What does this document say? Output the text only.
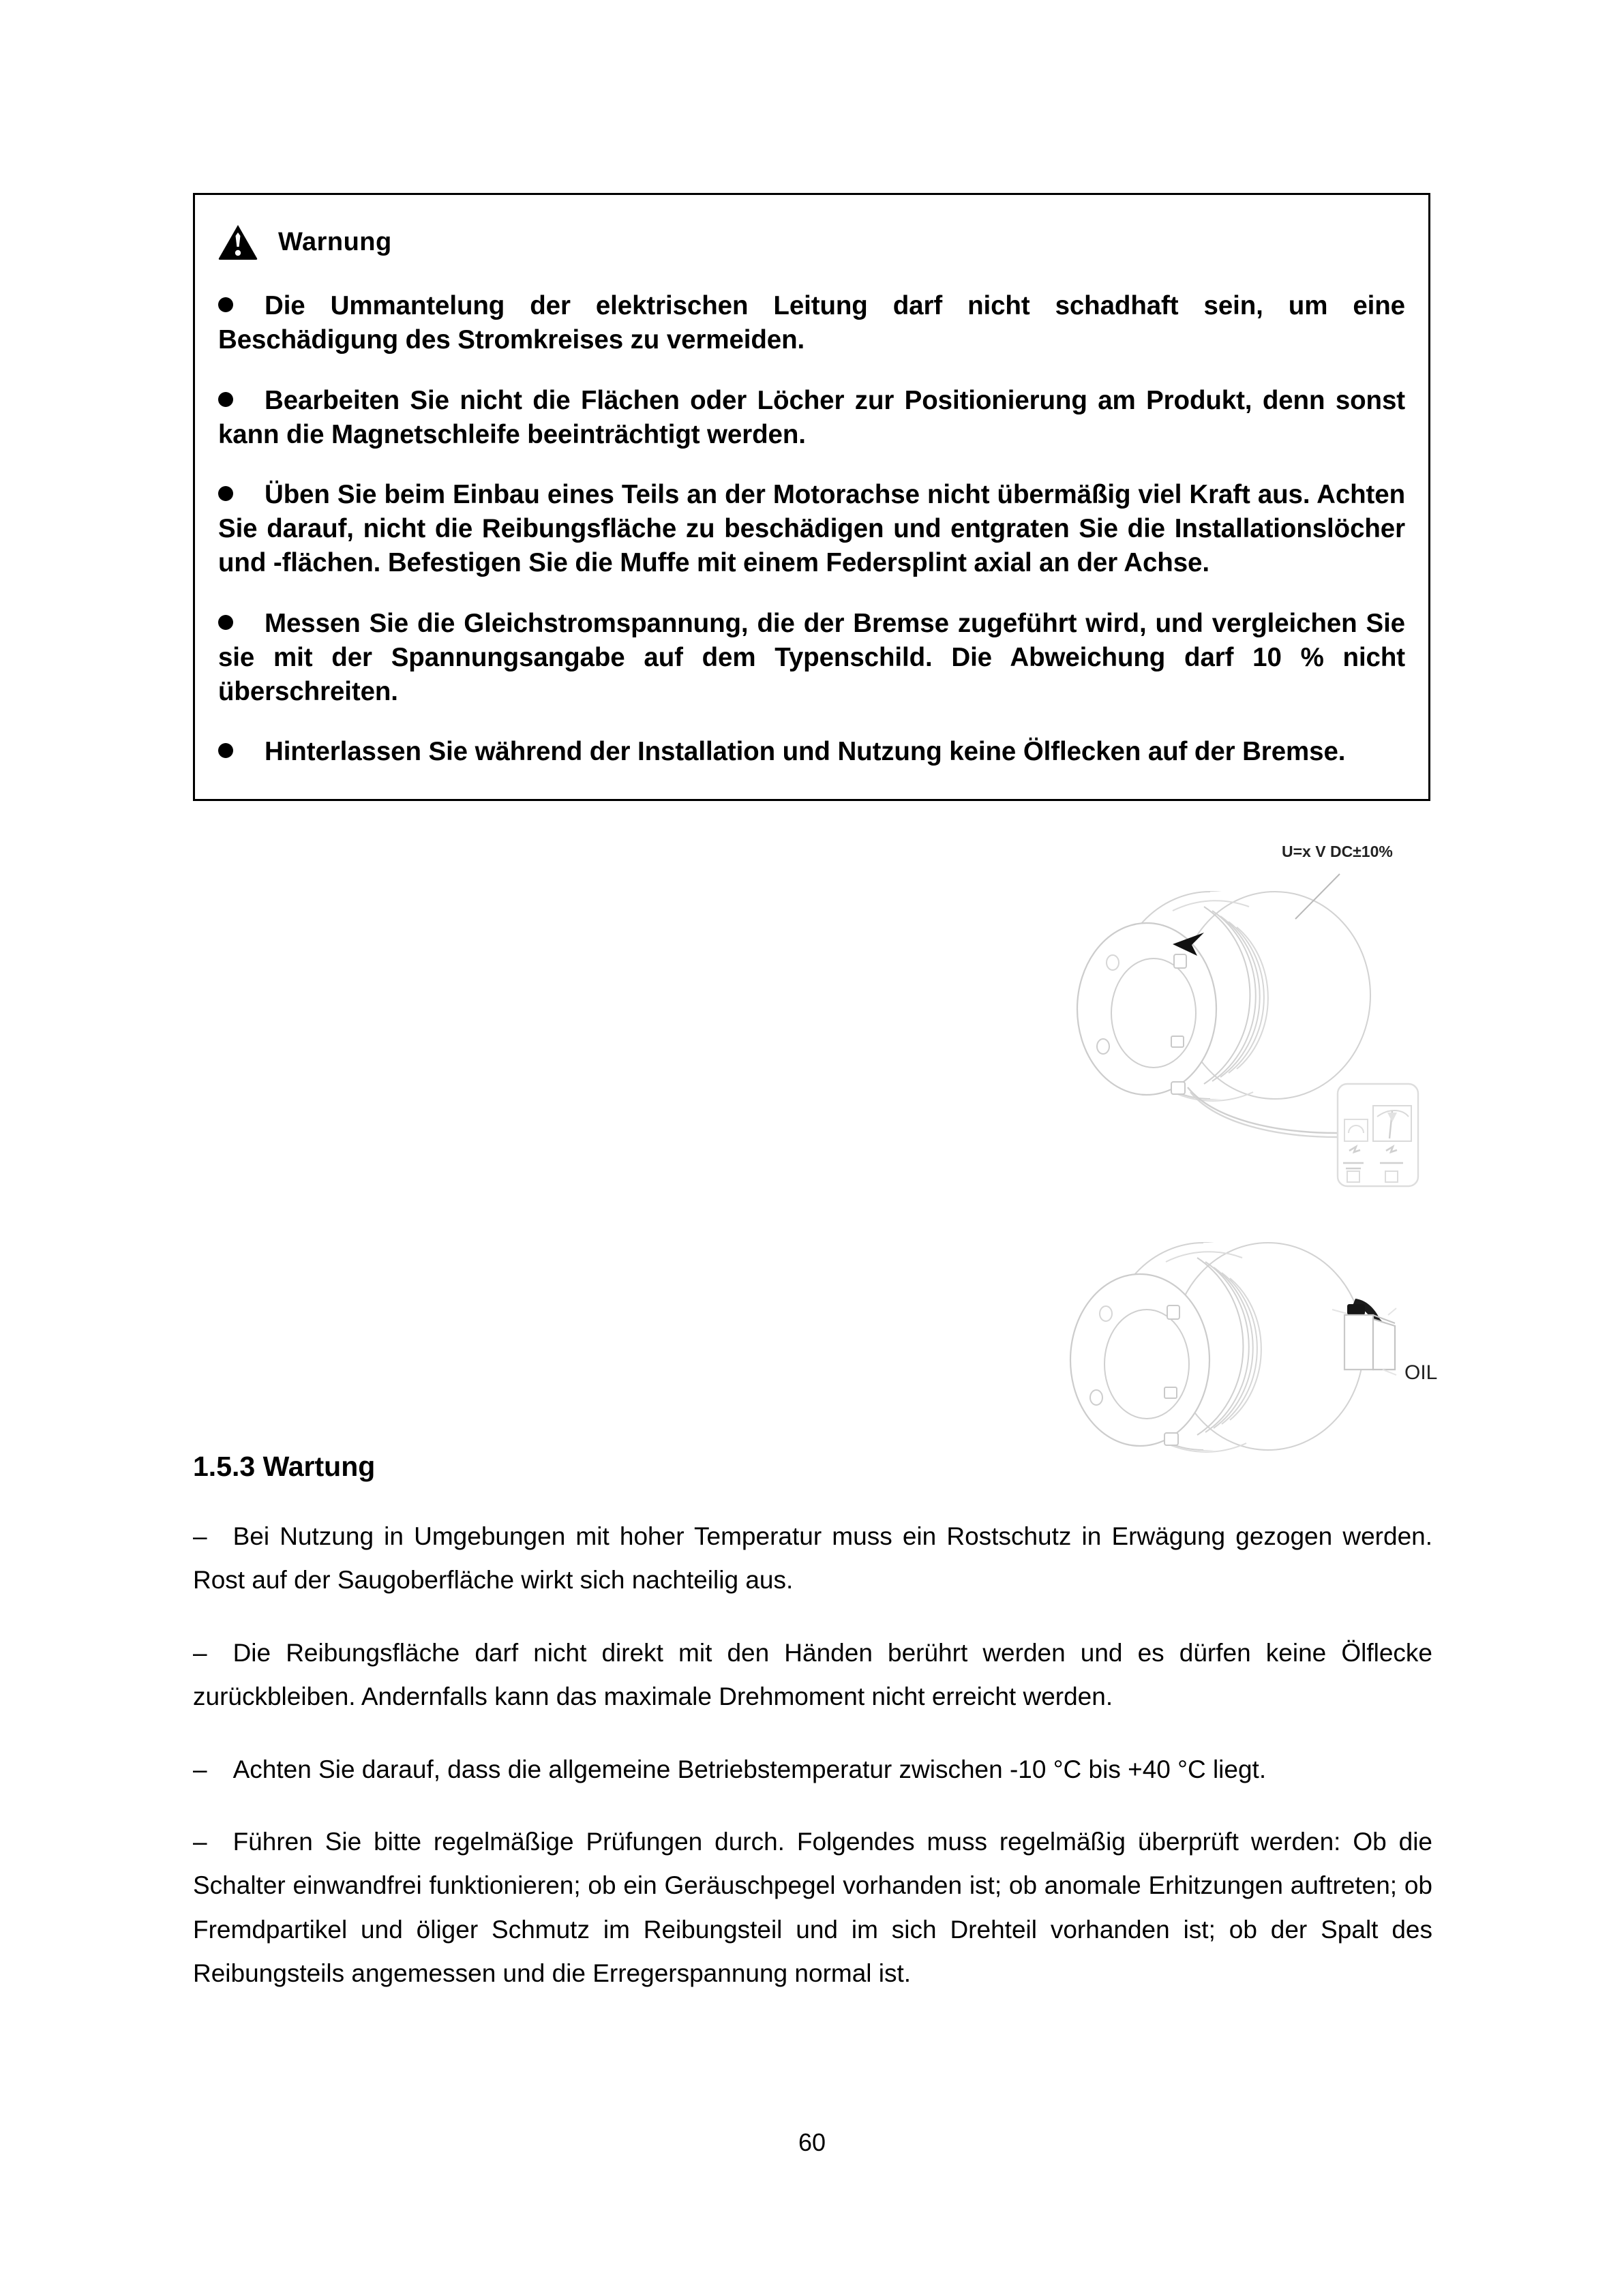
Warnung

Die Ummantelung der elektrischen Leitung darf nicht schadhaft sein, um eine Beschädigung des Stromkreises zu vermeiden.

Bearbeiten Sie nicht die Flächen oder Löcher zur Positionierung am Produkt, denn sonst kann die Magnetschleife beeinträchtigt werden.

Üben Sie beim Einbau eines Teils an der Motorachse nicht übermäßig viel Kraft aus. Achten Sie darauf, nicht die Reibungsfläche zu beschädigen und entgraten Sie die Installationslöcher und -flächen. Befestigen Sie die Muffe mit einem Federsplint axial an der Achse.

Messen Sie die Gleichstromspannung, die der Bremse zugeführt wird, und vergleichen Sie sie mit der Spannungsangabe auf dem Typenschild. Die Abweichung darf 10 % nicht überschreiten.

Hinterlassen Sie während der Installation und Nutzung keine Ölflecken auf der Bremse.

U=x V DC±10%
OIL
1.5.3 Wartung

– Bei Nutzung in Umgebungen mit hoher Temperatur muss ein Rostschutz in Erwägung gezogen werden. Rost auf der Saugoberfläche wirkt sich nachteilig aus.

– Die Reibungsfläche darf nicht direkt mit den Händen berührt werden und es dürfen keine Ölflecke zurückbleiben. Andernfalls kann das maximale Drehmoment nicht erreicht werden.

– Achten Sie darauf, dass die allgemeine Betriebstemperatur zwischen -10 °C bis +40 °C liegt.

– Führen Sie bitte regelmäßige Prüfungen durch. Folgendes muss regelmäßig überprüft werden: Ob die Schalter einwandfrei funktionieren; ob ein Geräuschpegel vorhanden ist; ob anomale Erhitzungen auftreten; ob Fremdpartikel und öliger Schmutz im Reibungsteil und im sich Drehteil vorhanden ist; ob der Spalt des Reibungsteils angemessen und die Erregerspannung normal ist.

60
